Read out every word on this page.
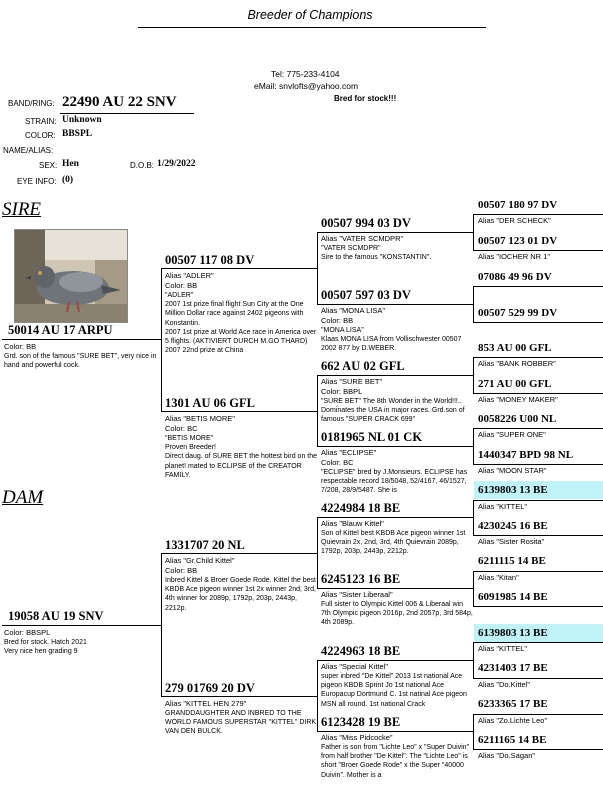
Breeder of Champions
Tel: 775-233-4104
eMail: snvlofts@yahoo.com
Bred for stock!!!
BAND/RING: 22490 AU 22 SNV
STRAIN: Unknown
COLOR: BBSPL
NAME/ALIAS:
SEX: Hen	D.O.B: 1/29/2022
EYE INFO: (0)
SIRE
50014 AU 17 ARPU
Color: BB
Grd. son of the famous "SURE BET", very nice in hand and powerful cock.
DAM
19058 AU 19 SNV
Color: BBSPL
Bred for stock. Hatch 2021
Very nice hen grading 9
00507 117 08 DV
Alias "ADLER"
Color: BB
"ADLER"
2007 1st prize final flight Sun City at the One Million Dollar race against 2402 pigeons with Konstantin.
2007 1st prize at World Ace race in America over 5 flights. (AKTIVIERT DURCH M.GO THARD)
2007 22nd prize at China
1301 AU 06 GFL
Alias "BETIS MORE"
Color: BC
"BETIS MORE"
Proven Breeder!
Direct daug. of SURE BET the hottest bird on the planet! mated to ECLIPSE of the CREATOR FAMILY.
1331707 20 NL
Alias "Gr.Child Kittel"
Color: BB
Inbred Kittel & Broer Goede Rode. Kittel the best KBDB Ace pigeon winner 1st 2x winner 2nd, 3rd, 4th winner for 2089p, 1792p, 203p, 2443p, 2212p.
279 01769 20 DV
Alias "KITTEL HEN 279"
GRANDDAUGHTER AND INBRED TO THE WORLD FAMOUS SUPERSTAR "KITTEL" DIRK VAN DEN BULCK.
00507 994 03 DV
Alias "VATER SCMDPR"
"VATER SCMDPR"
Sire to the famous "KONSTANTIN".
00507 597 03 DV
Alias "MONA LISA"
Color: BB
"MONA LISA"
Klaas MONA LISA from Vollischwester 00507 2002 877 by D.WEBER.
662 AU 02 GFL
Alias "SURE BET"
Color: BBPL
"SURE BET" The 8th Wonder in the World!!!.. Dominates the USA in major races. Grd.son of famous "SUPER CRACK 699"
0181965 NL 01 CK
Alias "ECLIPSE"
Color: BC
"ECLIPSE" bred by J.Monsieurs. ECLIPSE has respectable record 18/5048, 52/4167, 46/1527, 7/208, 28/9/5487. She is
4224984 18 BE
Alias "Blauw Kittel"
Son of Kittel best KBDB Ace pigeon winner 1st Quievrain 2x, 2nd, 3rd, 4th Quievrain 2089p, 1792p, 203p, 2443p, 2212p.
6245123 16 BE
Alias "Sister Liberaal"
Full sister to Olympic Kittel 006 & Liberaal win 7th Olympic pigeon 2016p, 2nd 2057p, 3rd 584p, 4th 2089p.
4224963 18 BE
Alias "Special Kittel"
super inbred "De Kittel" 2013 1st national Ace pigeon KBDB Sprint Jo 1st national Ace Europacup Dortmund C. 1st natinal Ace pigeon MSN all round. 1st national Crack
6123428 19 BE
Alias "Miss Pidcocke"
Father is son from "Lichte Leo" x "Super Duivin" from half brother "De Kittel". The "Lichte Leo" is short "Broer Goede Rode" x the Super "40000 Duivin". Mother is a
00507 180 97 DV
Alias "DER SCHECK"
00507 123 01 DV
Alias "IOCHER NR 1"
07086 49 96 DV
00507 529 99 DV
853 AU 00 GFL
Alias "BANK ROBBER"
271 AU 00 GFL
Alias "MONEY MAKER"
0058226 U00 NL
Alias "SUPER ONE"
1440347 BPD 98 NL
Alias "MOON STAR"
6139803 13 BE
Alias "KITTEL"
4230245 16 BE
Alias "Sister Rosita"
6211115 14 BE
Alias "Kitan"
6091985 14 BE
6139803 13 BE
Alias "KITTEL"
4231403 17 BE
Alias "Do.Kittel"
6233365 17 BE
Alias "Zo.Lichte Leo"
6211165 14 BE
Alias "Do.Sagan"
